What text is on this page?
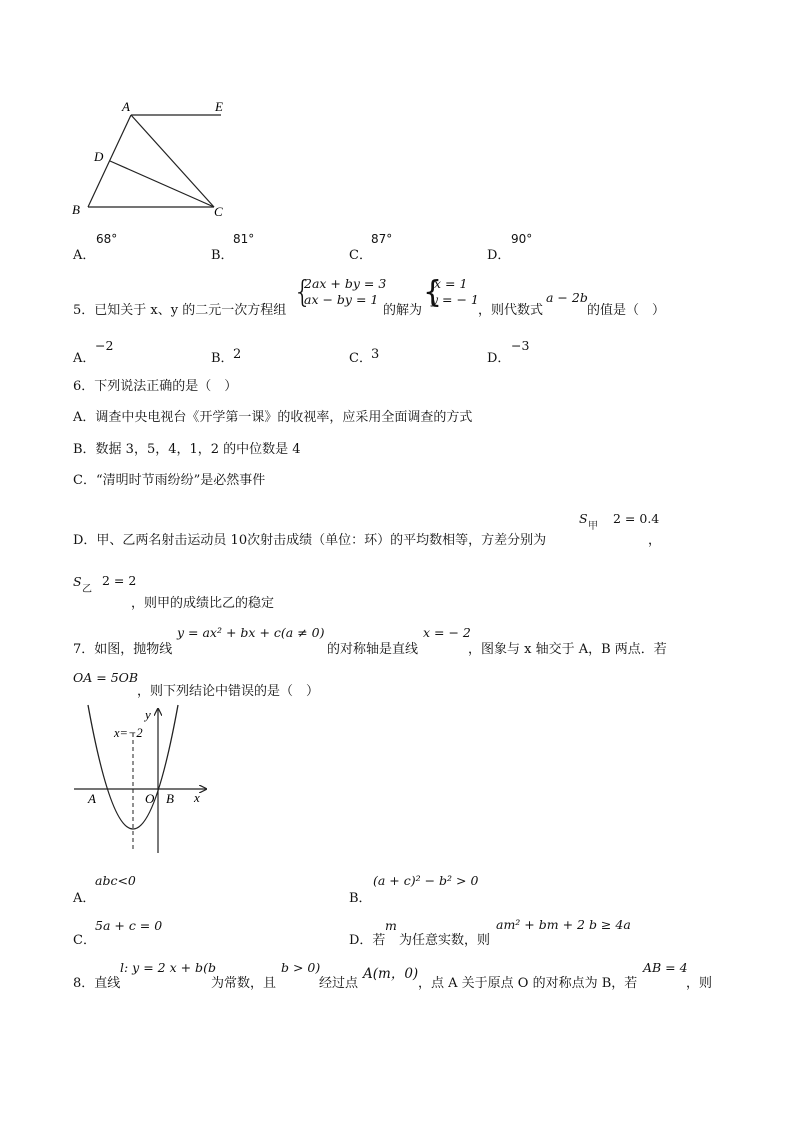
A	E
D
B	C
A．
68°
B．
81°
C．
87°
D．
90°
5．已知关于 x、y 的二元一次方程组
{
2ax + by = 3
ax − by = 1
的解为
{
x = 1
y = − 1
，则代数式
a − 2b
的值是（　）
A．
−2
B． 2	C． 3	D．
−3
6．下列说法正确的是（　）
A．调查中央电视台《开学第一课》的收视率，应采用全面调查的方式
B．数据 3，5，4，1，2 的中位数是 4
C．“清明时节雨纷纷”是必然事件
D．甲、乙两名射击运动员 10次射击成绩（单位：环）的平均数相等，方差分别为
S
甲
2 = 0.4
，
S
乙
2 = 2
，则甲的成绩比乙的稳定
7．如图，抛物线
y = ax² + bx + c(a ≠ 0)
的对称轴是直线
x = − 2
，图象与 x 轴交于 A，B 两点．若
OA = 5OB
，则下列结论中错误的是（　）
y
x
x=−2
A	O B
A．
abc<0
B．
(a + c)² − b² > 0
C．
5a + c = 0
D．若
m
为任意实数，则
am² + bm + 2 b ≥ 4a
8．直线
l: y = 2 x + b(b
为常数，且
b > 0)
经过点
A(m，0)
，点 A 关于原点 O 的对称点为 B，若
AB = 4
，则
